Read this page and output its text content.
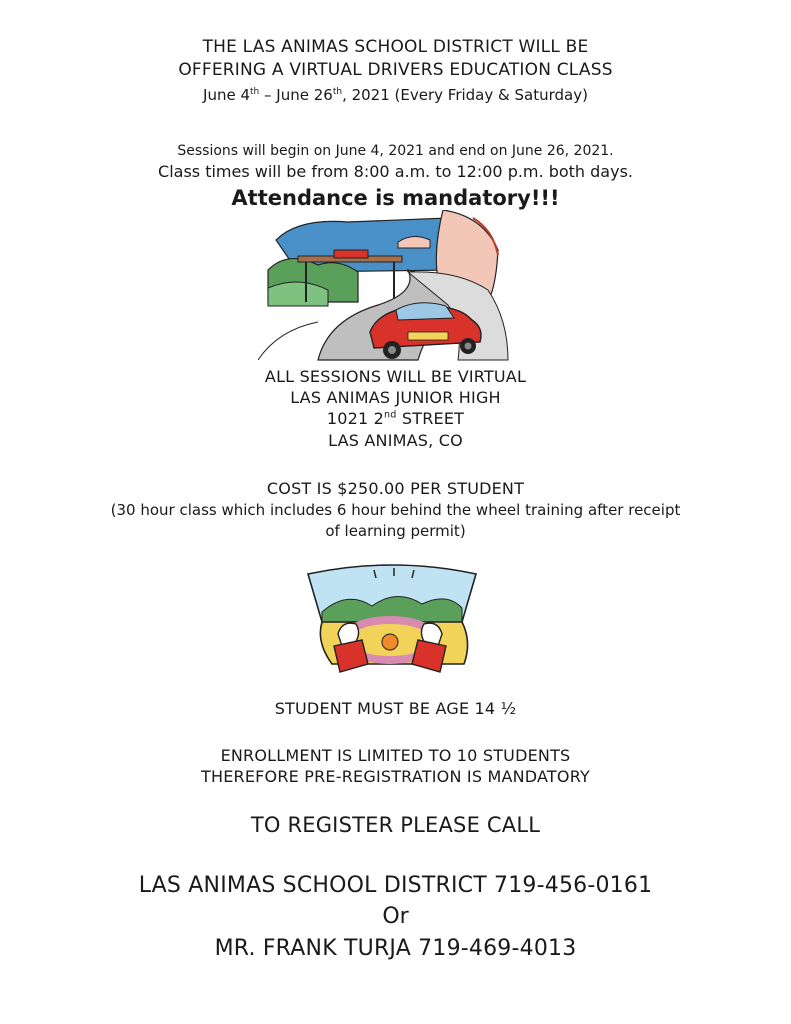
THE LAS ANIMAS SCHOOL DISTRICT WILL BE
OFFERING A VIRTUAL DRIVERS EDUCATION CLASS
June 4th – June 26th, 2021 (Every Friday & Saturday)
Sessions will begin on June 4, 2021 and end on June 26, 2021.
Class times will be from 8:00 a.m. to 12:00 p.m. both days.
Attendance is mandatory!!!
ALL SESSIONS WILL BE VIRTUAL
LAS ANIMAS JUNIOR HIGH
1021 2nd STREET
LAS ANIMAS, CO
COST IS $250.00 PER STUDENT
(30 hour class which includes 6 hour behind the wheel training after receipt
of learning permit)
STUDENT MUST BE AGE 14 ½
ENROLLMENT IS LIMITED TO 10 STUDENTS
THEREFORE PRE-REGISTRATION IS MANDATORY
TO REGISTER PLEASE CALL
LAS ANIMAS SCHOOL DISTRICT 719-456-0161
Or
MR. FRANK TURJA 719-469-4013
